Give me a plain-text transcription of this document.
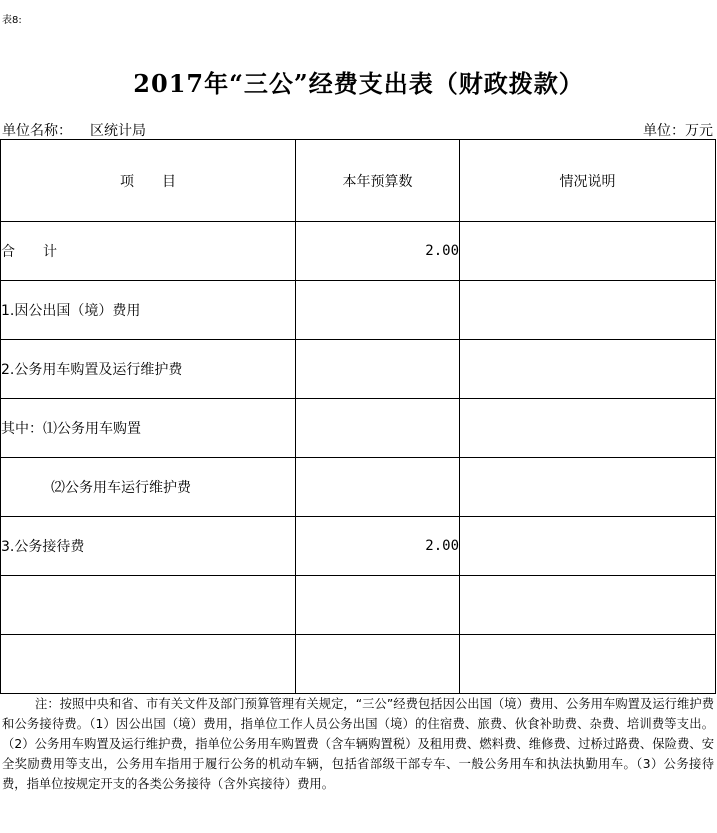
表8:
2017年“三公”经费支出表（财政拨款）
单位名称： 区统计局	单位：万元
项　　目	本年预算数	情况说明
合　　计	2.00	
1.因公出国（境）费用		
2.公务用车购置及运行维护费		
其中：⑴公务用车购置		
⑵公务用车运行维护费		
3.公务接待费	2.00	

注：按照中央和省、市有关文件及部门预算管理有关规定，“三公”经费包括因公出国（境）费用、公务用车购置及运行维护费和公务接待费。（1）因公出国（境）费用，指单位工作人员公务出国（境）的住宿费、旅费、伙食补助费、杂费、培训费等支出。（2）公务用车购置及运行维护费，指单位公务用车购置费（含车辆购置税）及租用费、燃料费、维修费、过桥过路费、保险费、安全奖励费用等支出，公务用车指用于履行公务的机动车辆，包括省部级干部专车、一般公务用车和执法执勤用车。（3）公务接待费，指单位按规定开支的各类公务接待（含外宾接待）费用。
